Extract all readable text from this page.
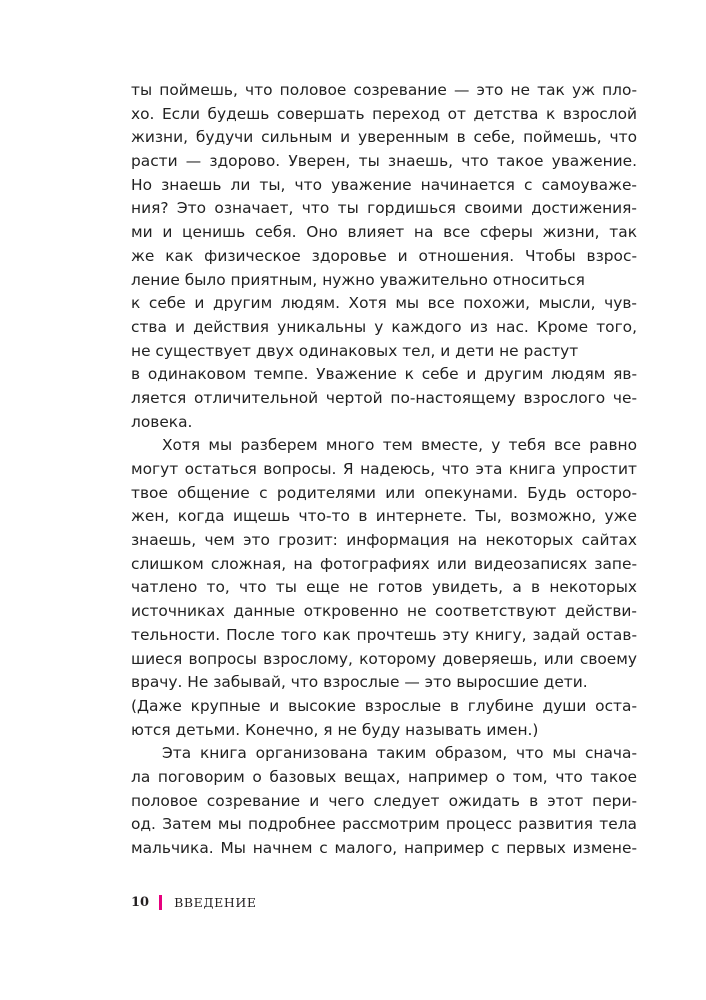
ты поймешь, что половое созревание — это не так уж пло-
хо. Если будешь совершать переход от детства к взрослой
жизни, будучи сильным и уверенным в себе, поймешь, что
расти — здорово. Уверен, ты знаешь, что такое уважение.
Но знаешь ли ты, что уважение начинается с самоуваже-
ния? Это означает, что ты гордишься своими достижения-
ми и ценишь себя. Оно влияет на все сферы жизни, так
же как физическое здоровье и отношения. Чтобы взрос-
ление было приятным, нужно уважительно относиться
к себе и другим людям. Хотя мы все похожи, мысли, чув-
ства и действия уникальны у каждого из нас. Кроме того,
не существует двух одинаковых тел, и дети не растут
в одинаковом темпе. Уважение к себе и другим людям яв-
ляется отличительной чертой по-настоящему взрослого че-
ловека.
Хотя мы разберем много тем вместе, у тебя все равно
могут остаться вопросы. Я надеюсь, что эта книга упростит
твое общение с родителями или опекунами. Будь осторо-
жен, когда ищешь что-то в интернете. Ты, возможно, уже
знаешь, чем это грозит: информация на некоторых сайтах
слишком сложная, на фотографиях или видеозаписях запе-
чатлено то, что ты еще не готов увидеть, а в некоторых
источниках данные откровенно не соответствуют действи-
тельности. После того как прочтешь эту книгу, задай остав-
шиеся вопросы взрослому, которому доверяешь, или своему
врачу. Не забывай, что взрослые — это выросшие дети.
(Даже крупные и высокие взрослые в глубине души оста-
ются детьми. Конечно, я не буду называть имен.)
Эта книга организована таким образом, что мы снача-
ла поговорим о базовых вещах, например о том, что такое
половое созревание и чего следует ожидать в этот пери-
од. Затем мы подробнее рассмотрим процесс развития тела
мальчика. Мы начнем с малого, например с первых измене-
10 ВВЕДЕНИЕ
